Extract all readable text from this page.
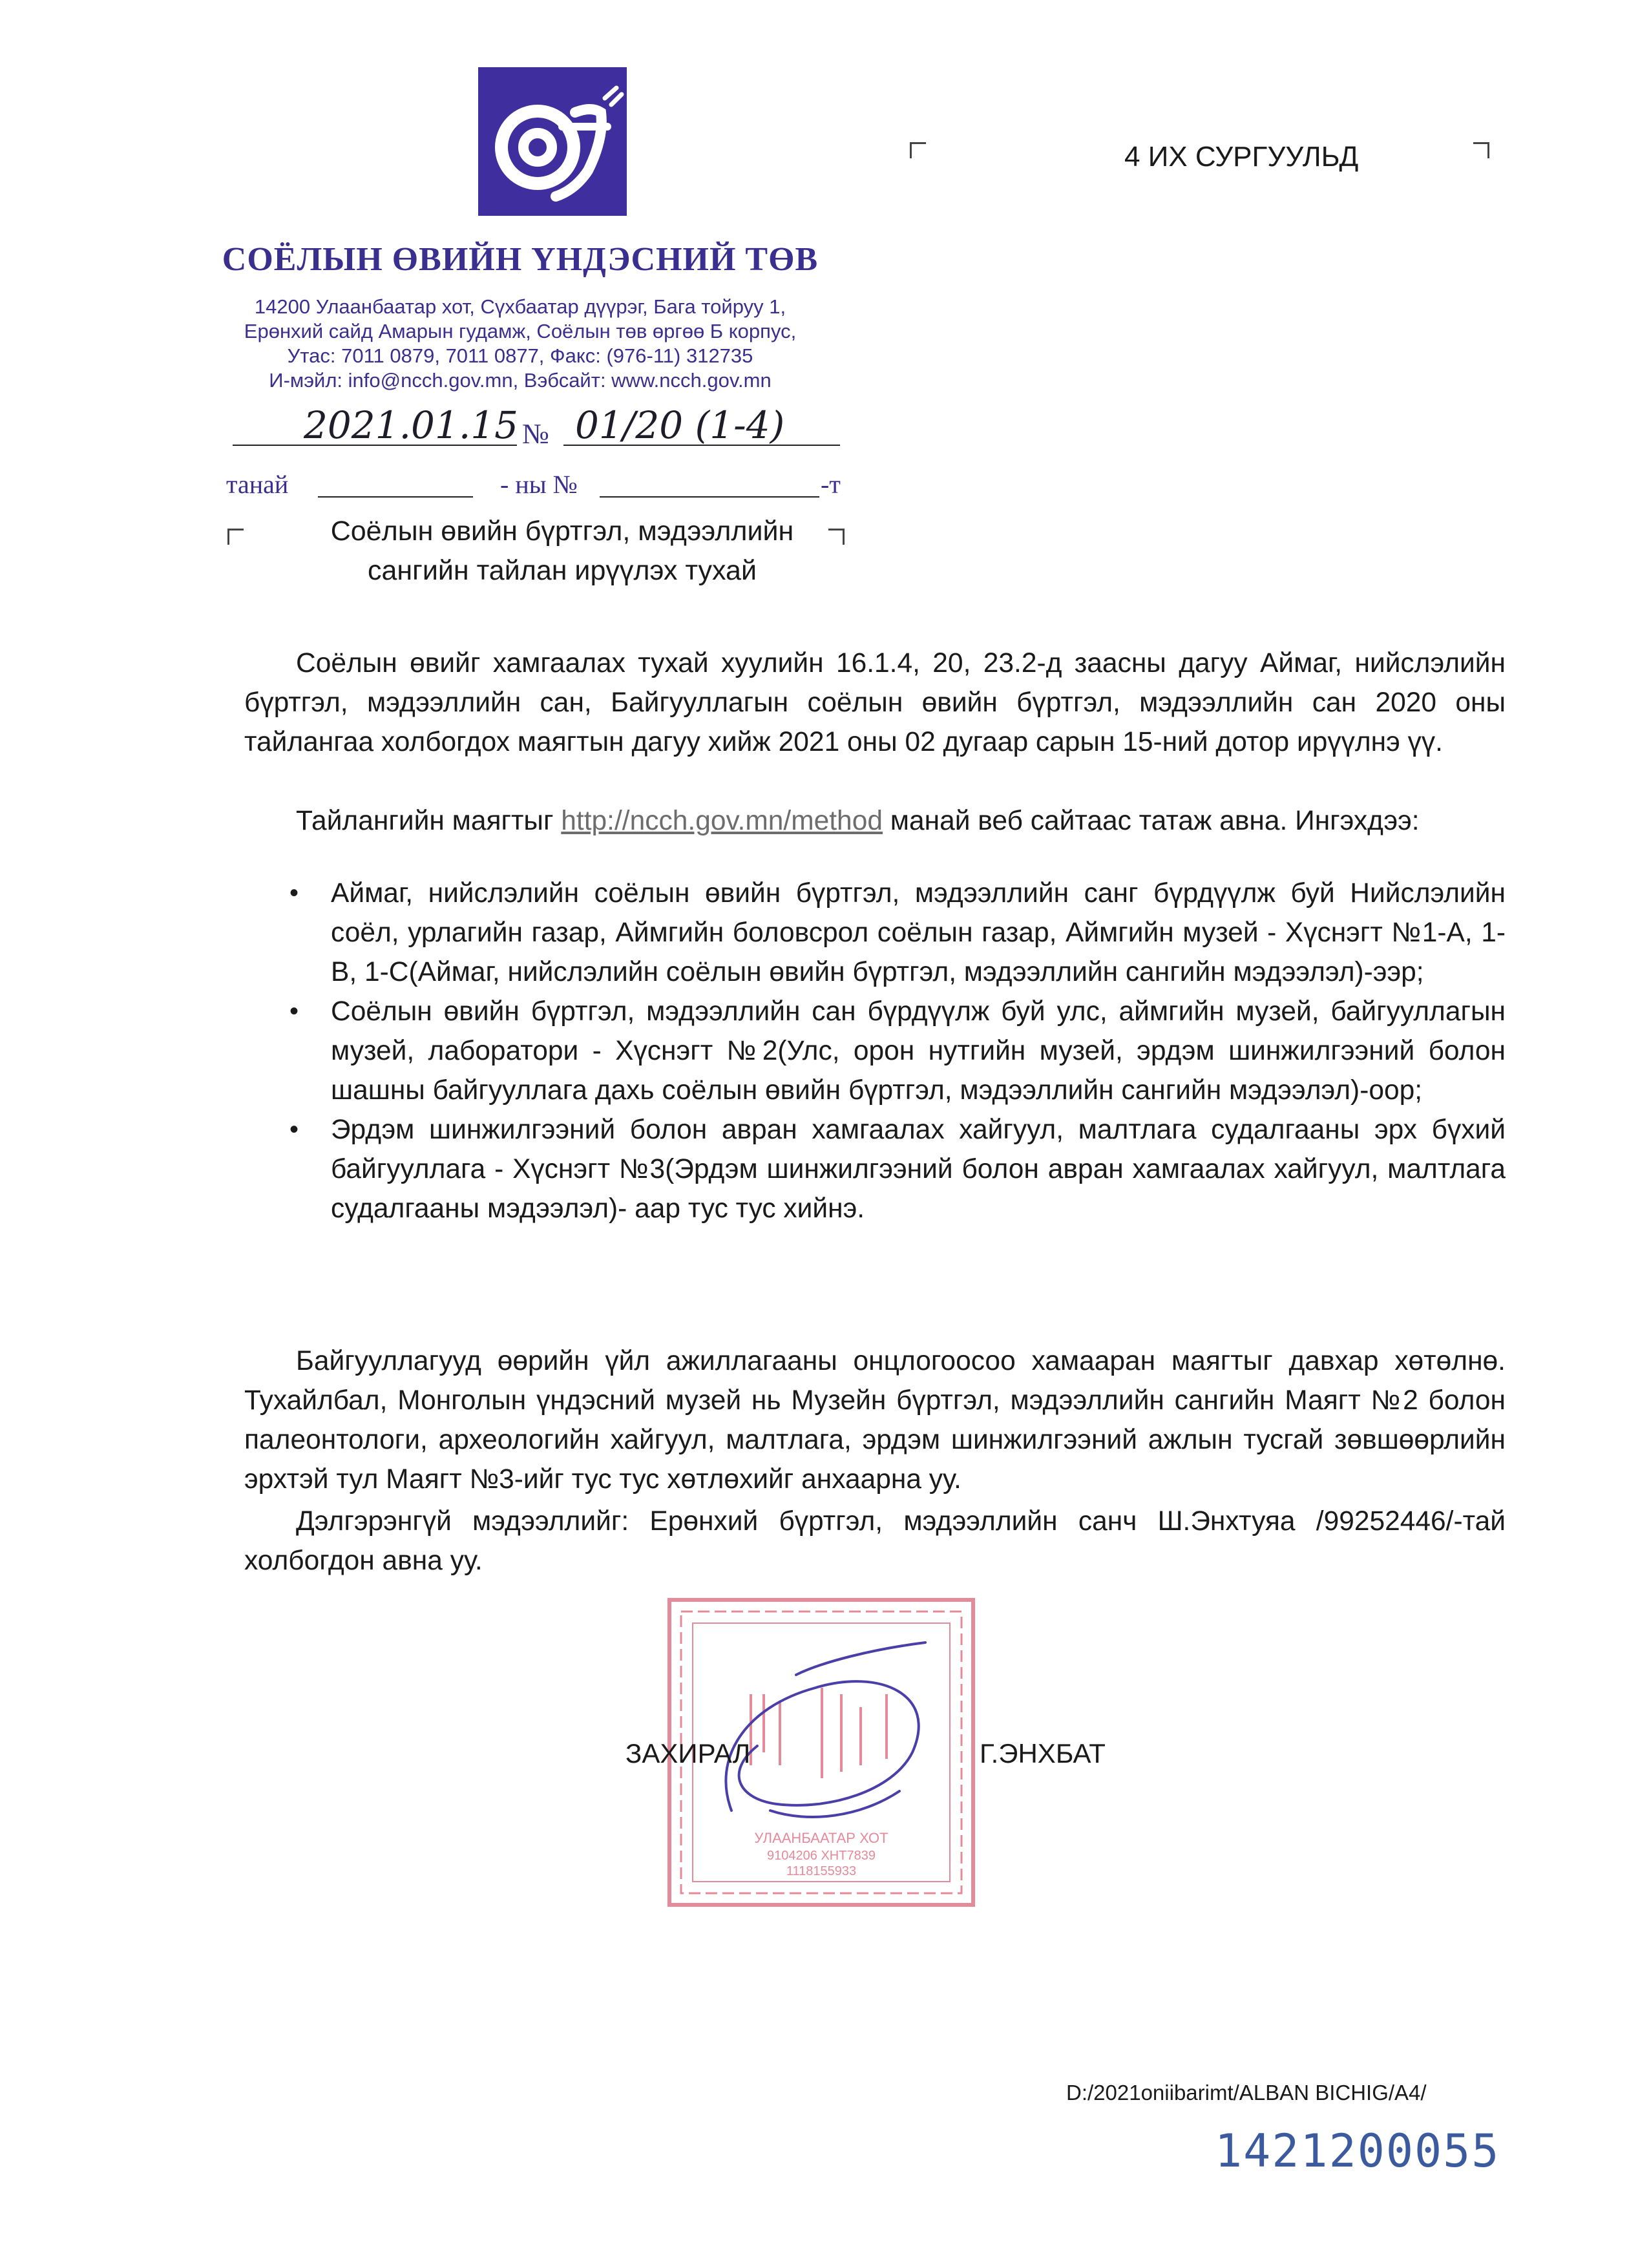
СОЁЛЫН ӨВИЙН ҮНДЭСНИЙ ТӨВ
14200 Улаанбаатар хот, Сүхбаатар дүүрэг, Бага тойруу 1,
Ерөнхий сайд Амарын гудамж, Соёлын төв өргөө Б корпус,
Утас: 7011 0879, 7011 0877, Факс: (976-11) 312735
И-мэйл: info@ncch.gov.mn, Вэбсайт: www.ncch.gov.mn
2021.01.15 № 01/20 (1-4)
танай	- ны №	-т
4 ИХ СУРГУУЛЬД
Соёлын өвийн бүртгэл, мэдээллийн
сангийн тайлан ирүүлэх тухай
Соёлын өвийг хамгаалах тухай хуулийн 16.1.4, 20, 23.2-д заасны дагуу Аймаг, нийслэлийн бүртгэл, мэдээллийн сан, Байгууллагын соёлын өвийн бүртгэл, мэдээллийн сан 2020 оны тайлангаа холбогдох маягтын дагуу хийж 2021 оны 02 дугаар сарын 15-ний дотор ирүүлнэ үү.
Тайлангийн маягтыг http://ncch.gov.mn/method манай веб сайтаас татаж авна. Ингэхдээ:
• Аймаг, нийслэлийн соёлын өвийн бүртгэл, мэдээллийн санг бүрдүүлж буй Нийслэлийн соёл, урлагийн газар, Аймгийн боловсрол соёлын газар, Аймгийн музей - Хүснэгт №1-А, 1-В, 1-С(Аймаг, нийслэлийн соёлын өвийн бүртгэл, мэдээллийн сангийн мэдээлэл)-ээр;
• Соёлын өвийн бүртгэл, мэдээллийн сан бүрдүүлж буй улс, аймгийн музей, байгууллагын музей, лаборатори - Хүснэгт №2(Улс, орон нутгийн музей, эрдэм шинжилгээний болон шашны байгууллага дахь соёлын өвийн бүртгэл, мэдээллийн сангийн мэдээлэл)-оор;
• Эрдэм шинжилгээний болон авран хамгаалах хайгуул, малтлага судалгааны эрх бүхий байгууллага - Хүснэгт №3(Эрдэм шинжилгээний болон авран хамгаалах хайгуул, малтлага судалгааны мэдээлэл)- аар тус тус хийнэ.
Байгууллагууд өөрийн үйл ажиллагааны онцлогоосоо хамааран маягтыг давхар хөтөлнө. Тухайлбал, Монголын үндэсний музей нь Музейн бүртгэл, мэдээллийн сангийн Маягт №2 болон палеонтологи, археологийн хайгуул, малтлага, эрдэм шинжилгээний ажлын тусгай зөвшөөрлийн эрхтэй тул Маягт №3-ийг тус тус хөтлөхийг анхаарна уу.
Дэлгэрэнгүй мэдээллийг: Ерөнхий бүртгэл, мэдээллийн санч Ш.Энхтуяа /99252446/-тай холбогдон авна уу.
УЛААНБААТАР ХОТ
9104206 ХНТ7839
1118155933
ЗАХИРАЛ	Г.ЭНХБАТ
D:/2021oniibarimt/ALBAN BICHIG/A4/
1421200055
